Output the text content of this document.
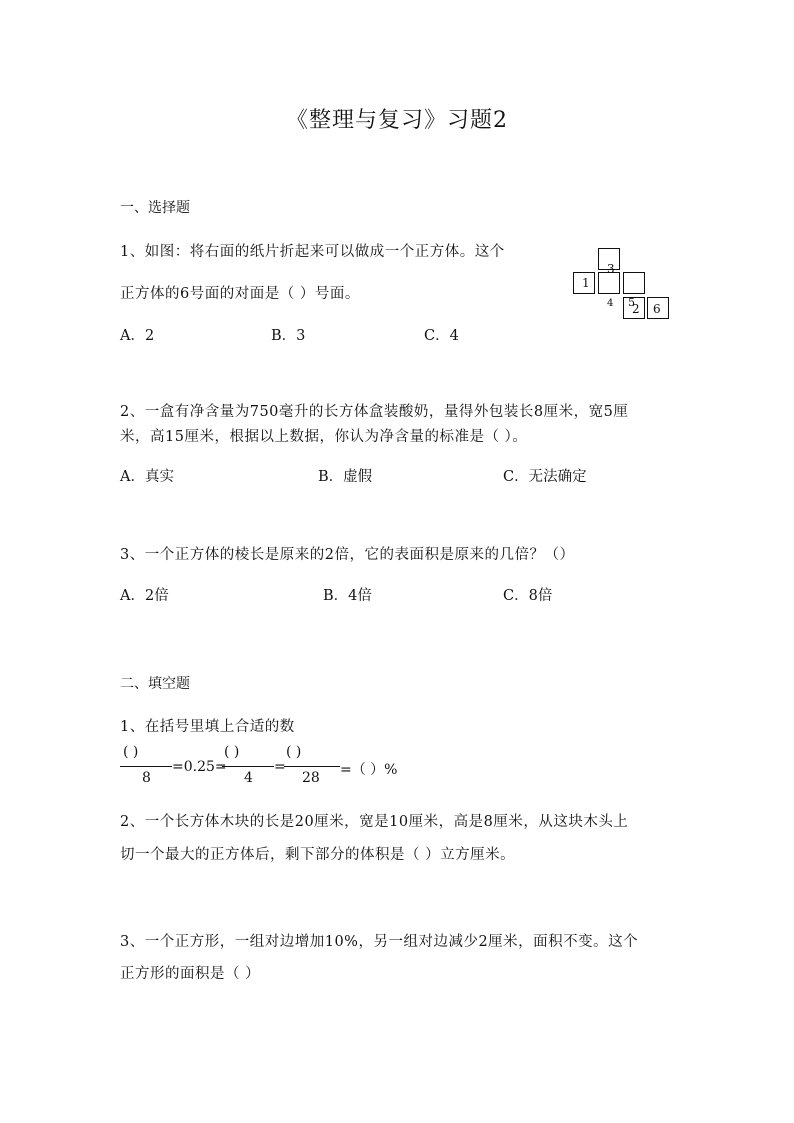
《整理与复习》习题2
一、选择题
1、如图：将右面的纸片折起来可以做成一个正方体。这个
正方体的6号面的对面是（ ）号面。
3
1
4 5
2 6
A．2	B．3	C．4
2、一盒有净含量为750毫升的长方体盒装酸奶，量得外包装长8厘米，宽5厘
米，高15厘米，根据以上数据，你认为净含量的标准是（ ）。
A．真实	B．虚假	C．无法确定
3、一个正方体的棱长是原来的2倍，它的表面积是原来的几倍？（）
A．2倍	B．4倍	C．8倍
二、填空题
1、在括号里填上合适的数
( )
8
=0.25=
( )
4
=
( )
28 =（ ）%
2、一个长方体木块的长是20厘米，宽是10厘米，高是8厘米，从这块木头上
切一个最大的正方体后，剩下部分的体积是（ ）立方厘米。
3、一个正方形，一组对边增加10%，另一组对边减少2厘米，面积不变。这个
正方形的面积是（ ）
